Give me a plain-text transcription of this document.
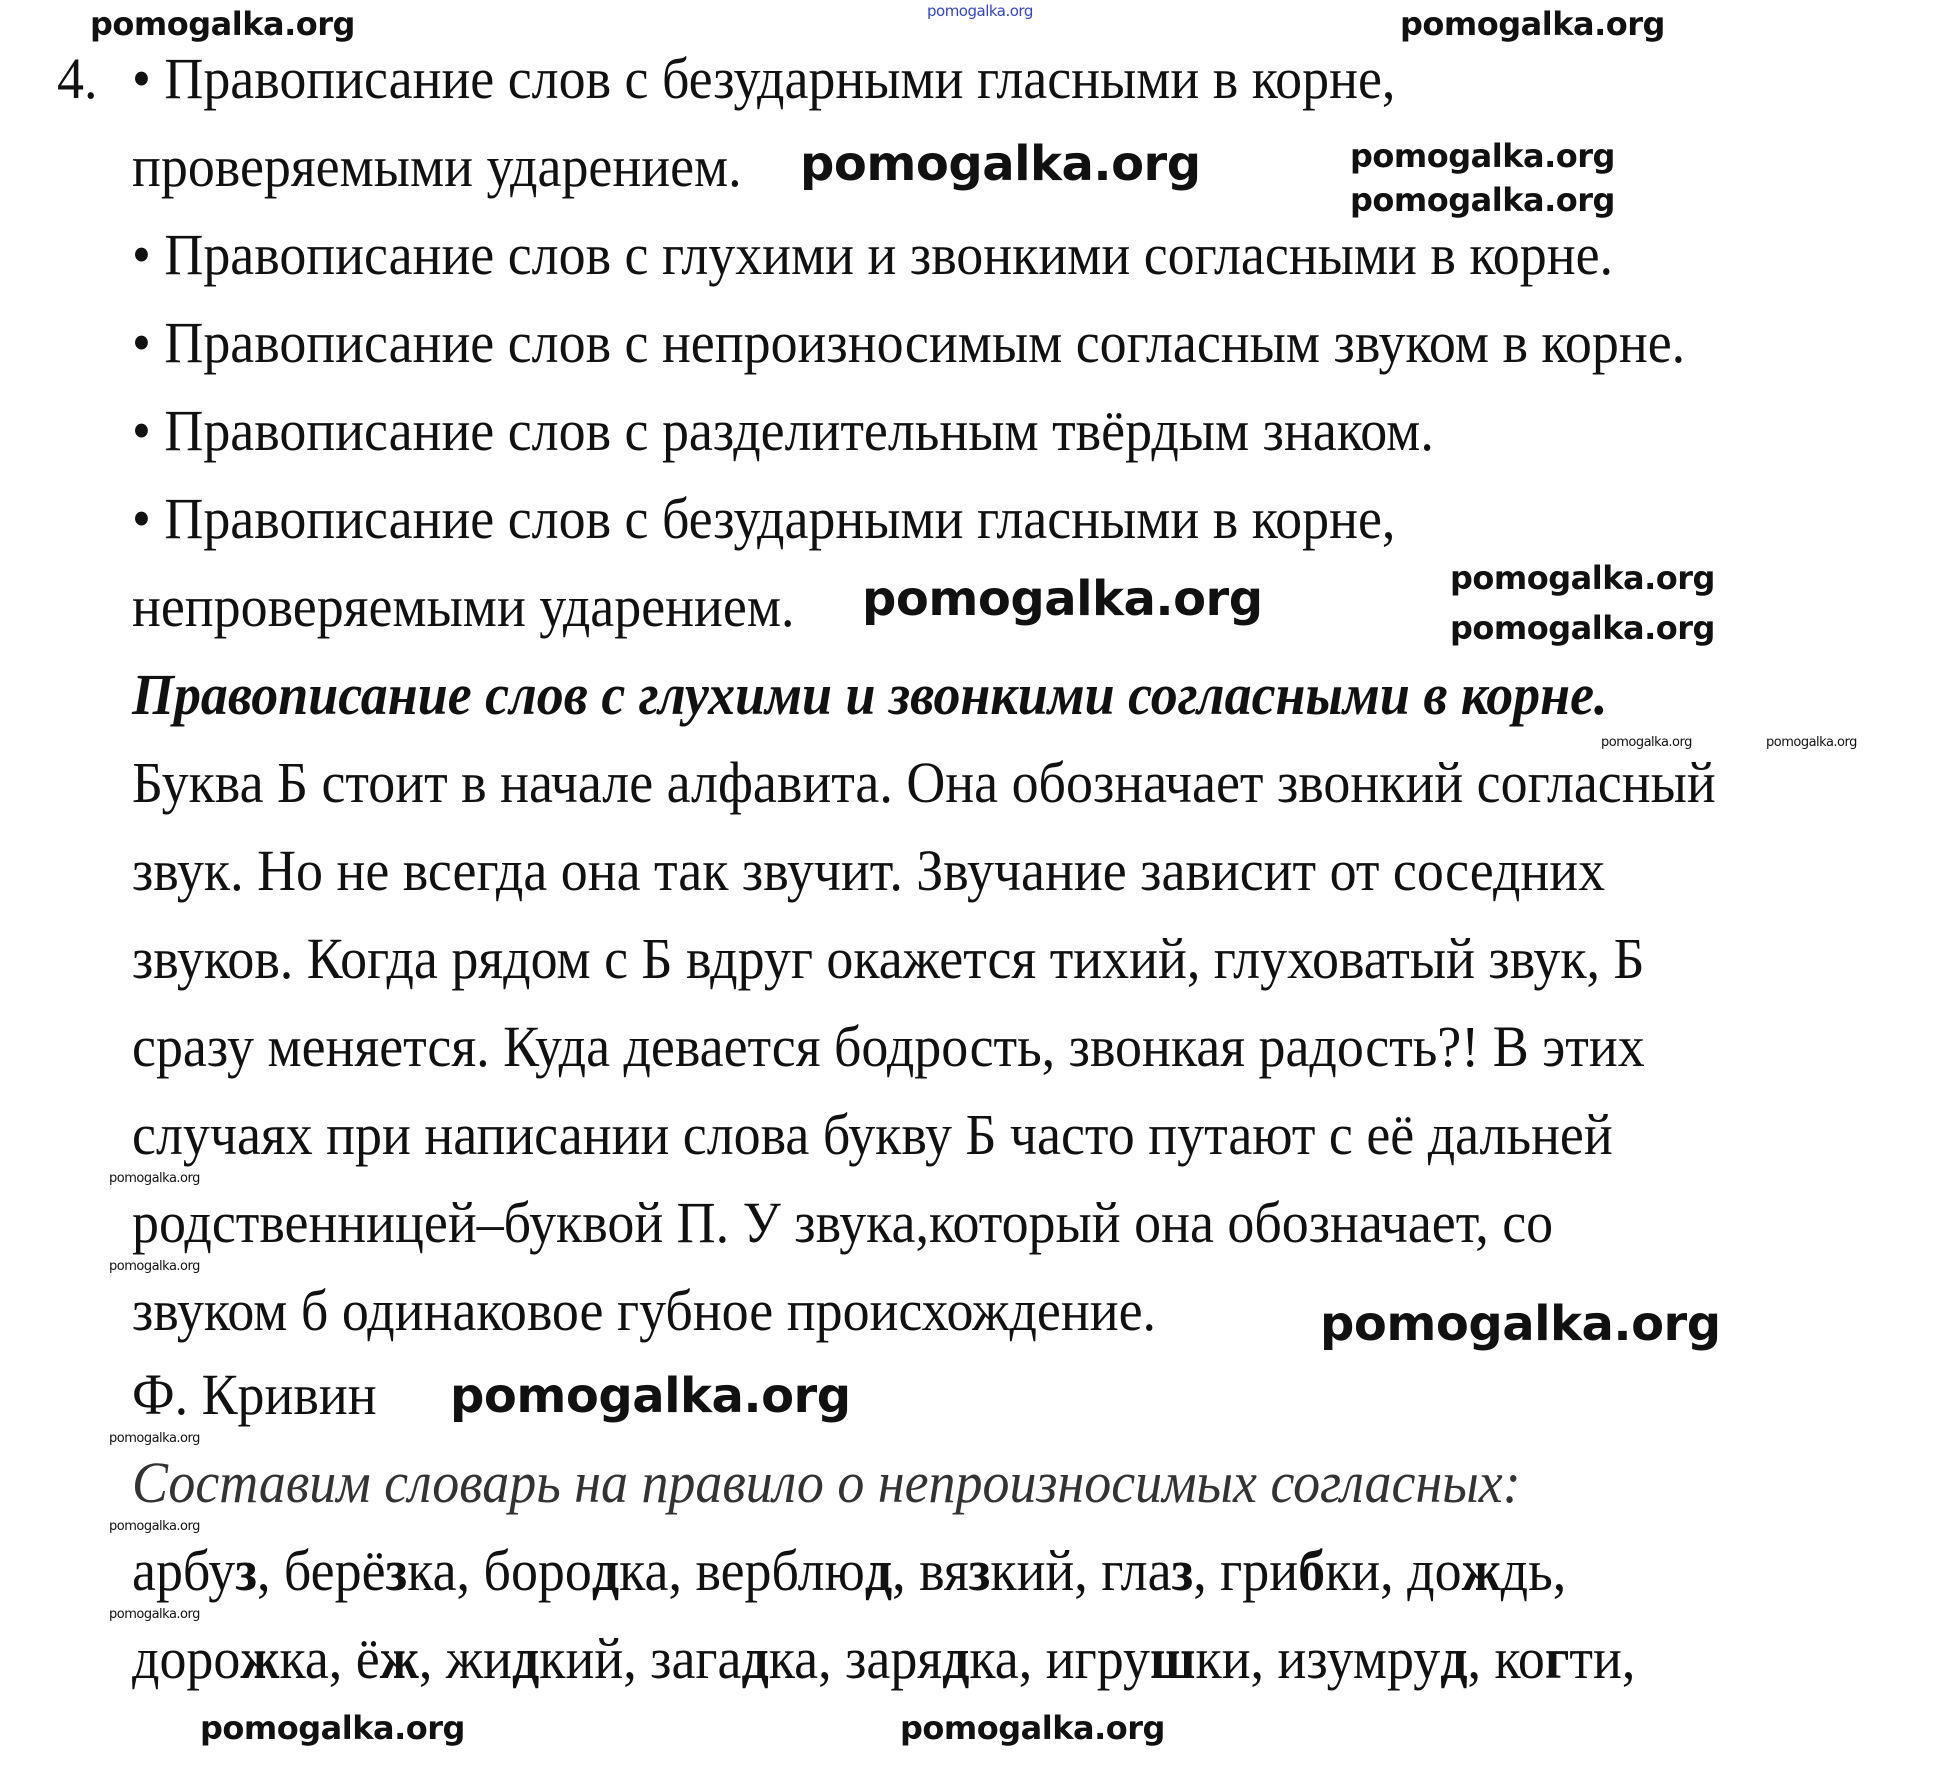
4. • Правописание слов с безударными гласными в корне,
проверяемыми ударением.
• Правописание слов с глухими и звонкими согласными в корне.
• Правописание слов с непроизносимым согласным звуком в корне.
• Правописание слов с разделительным твёрдым знаком.
• Правописание слов с безударными гласными в корне,
непроверяемыми ударением.
Правописание слов с глухими и звонкими согласными в корне.
Буква Б стоит в начале алфавита. Она обозначает звонкий согласный
звук. Но не всегда она так звучит. Звучание зависит от соседних
звуков. Когда рядом с Б вдруг окажется тихий, глуховатый звук, Б
сразу меняется. Куда девается бодрость, звонкая радость?! В этих
случаях при написании слова букву Б часто путают с её дальней
родственницей–буквой П. У звука,который она обозначает, со
звуком б одинаковое губное происхождение.
Ф. Кривин
Составим словарь на правило о непроизносимых согласных:
арбуз, берёзка, бородка, верблюд, вязкий, глаз, грибки, дождь,
дорожка, ёж, жидкий, загадка, зарядка, игрушки, изумруд, когти,
pomogalka.org
pomogalka.org	pomogalka.org
pomogalka.org	pomogalka.org
pomogalka.org
pomogalka.org	pomogalka.org
pomogalka.org
pomogalka.org	pomogalka.org
pomogalka.org
pomogalka.org
pomogalka.org
pomogalka.org
pomogalka.org
pomogalka.org
pomogalka.org
pomogalka.org	pomogalka.org
